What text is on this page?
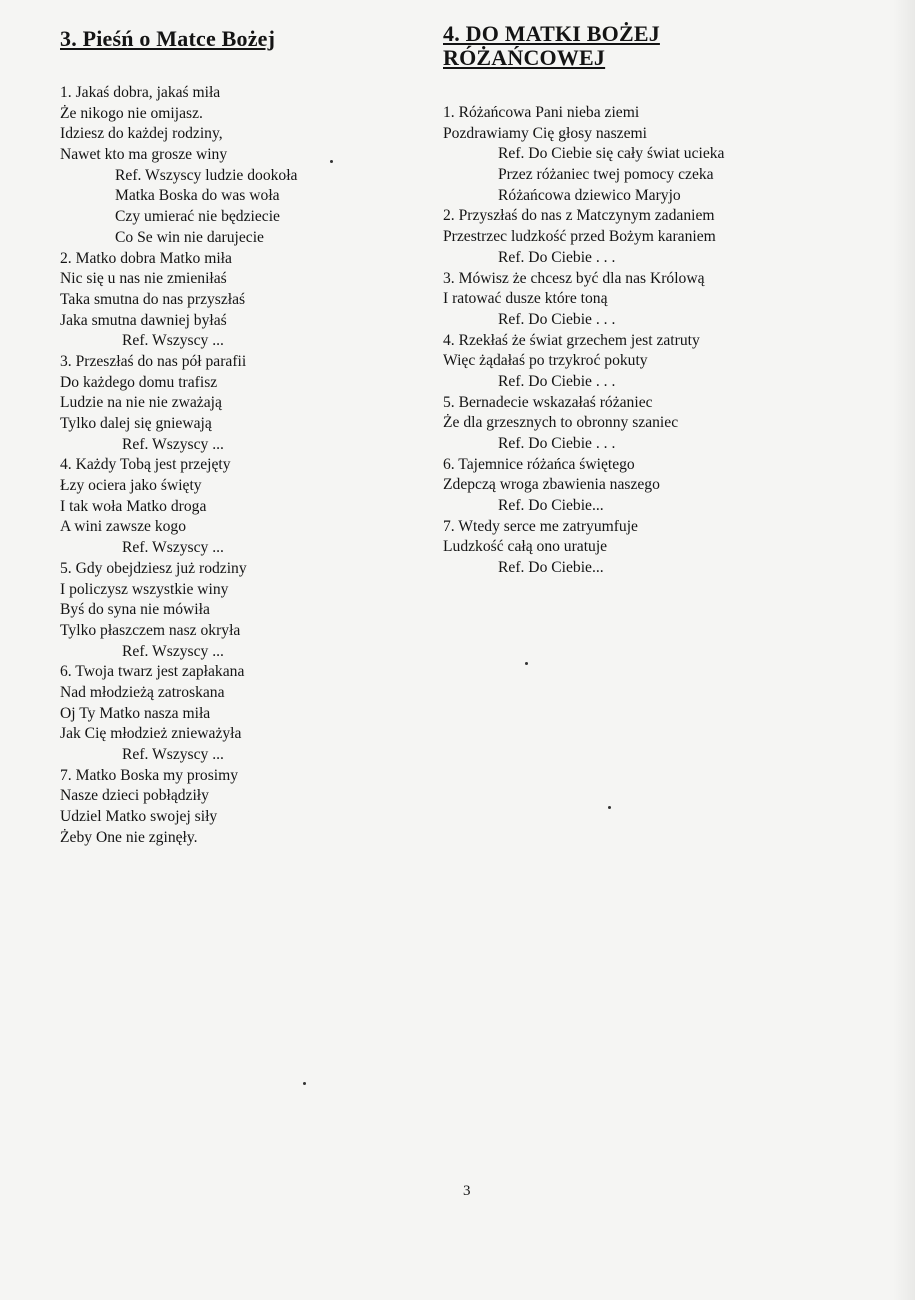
3. Pieśń o Matce Bożej
1. Jakaś dobra, jakaś miła
Że nikogo nie omijasz.
Idziesz do każdej rodziny,
Nawet kto ma grosze winy
Ref. Wszyscy ludzie dookoła
Matka Boska do was woła
Czy umierać nie będziecie
Co Se win nie darujecie
2. Matko dobra Matko miła
Nic się u nas nie zmieniłaś
Taka smutna do nas przyszłaś
Jaka smutna dawniej byłaś
Ref. Wszyscy ...
3. Przeszłaś do nas pół parafii
Do każdego domu trafisz
Ludzie na nie nie zważają
Tylko dalej się gniewają
Ref. Wszyscy ...
4. Każdy Tobą jest przejęty
Łzy ociera jako święty
I tak woła Matko droga
A wini zawsze kogo
Ref. Wszyscy ...
5. Gdy obejdziesz już rodziny
I policzysz wszystkie winy
Byś do syna nie mówiła
Tylko płaszczem nasz okryła
Ref. Wszyscy ...
6. Twoja twarz jest zapłakana
Nad młodzieżą zatroskana
Oj Ty Matko nasza miła
Jak Cię młodzież znieważyła
Ref. Wszyscy ...
7. Matko Boska my prosimy
Nasze dzieci pobłądziły
Udziel Matko swojej siły
Żeby One nie zginęły.
4. DO MATKI BOŻEJ RÓŻAŃCOWEJ
1. Różańcowa Pani nieba ziemi
Pozdrawiamy Cię głosy naszemi
Ref. Do Ciebie się cały świat ucieka
Przez różaniec twej pomocy czeka
Różańcowa dziewico Maryjo
2. Przyszłaś do nas z Matczynym zadaniem
Przestrzec ludzkość przed Bożym karaniem
Ref. Do Ciebie . . .
3. Mówisz że chcesz być dla nas Królową
I ratować dusze które toną
Ref. Do Ciebie . . .
4. Rzekłaś że świat grzechem jest zatruty
Więc żądałaś po trzykroć pokuty
Ref. Do Ciebie . . .
5. Bernadecie wskazałaś różaniec
Że dla grzesznych to obronny szaniec
Ref. Do Ciebie . . .
6. Tajemnice różańca świętego
Zdepczą wroga zbawienia naszego
Ref. Do Ciebie...
7. Wtedy serce me zatryumfuje
Ludzkość całą ono uratuje
Ref. Do Ciebie...
3
